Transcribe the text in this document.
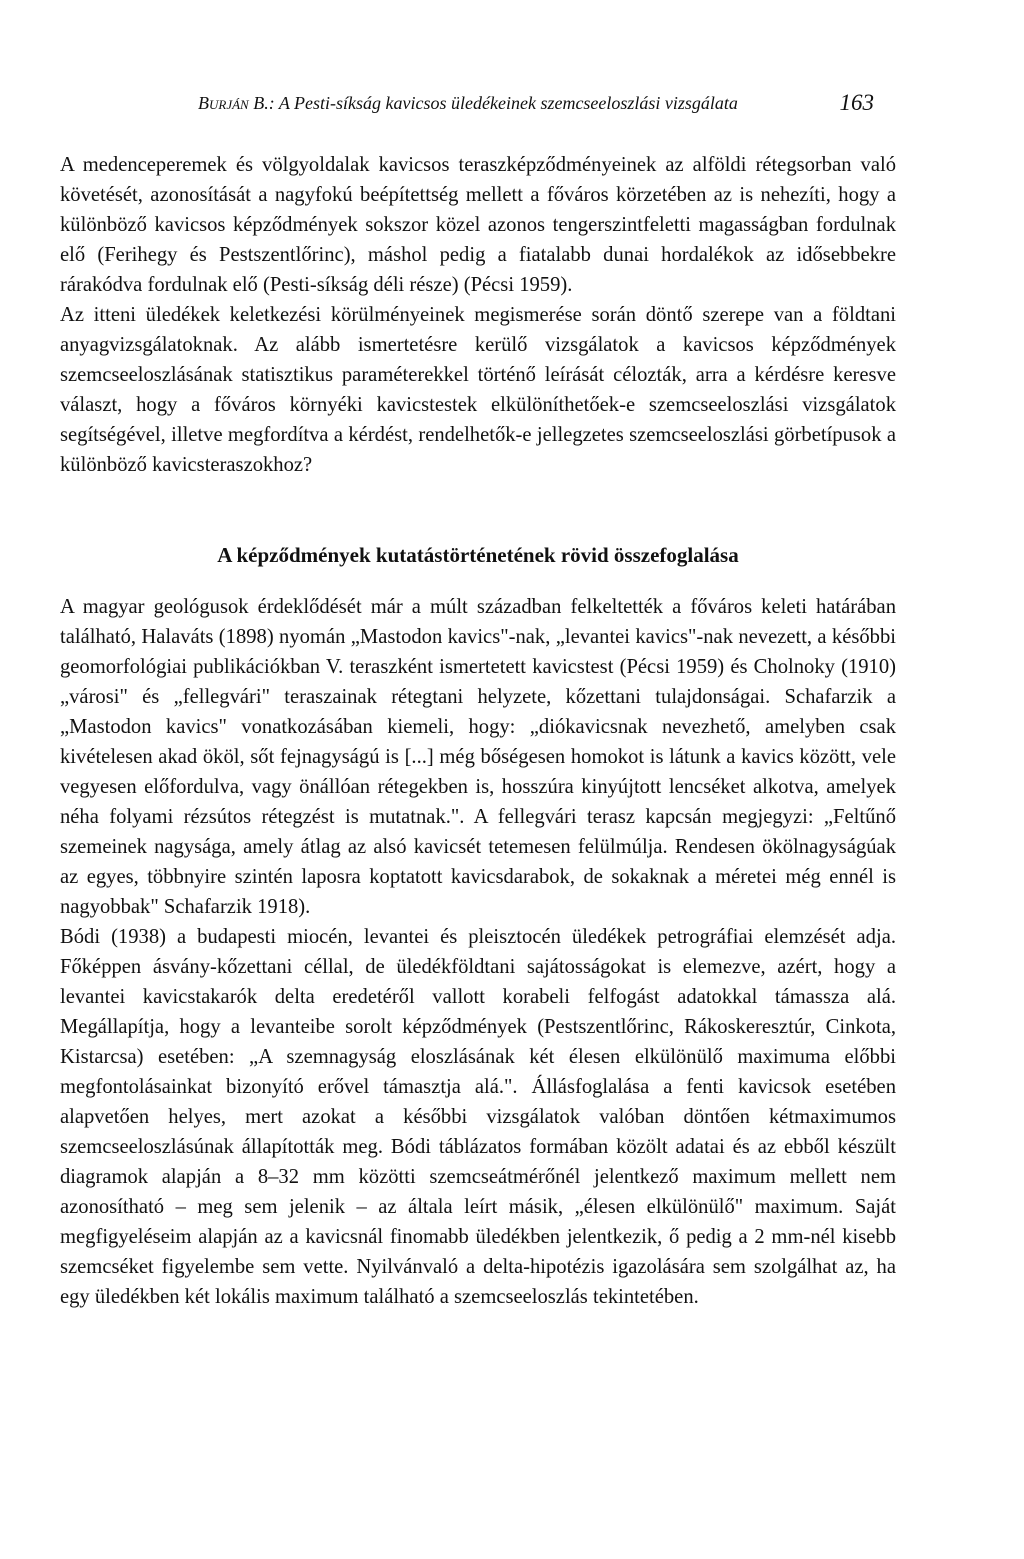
Burján B.: A Pesti-síkság kavicsos üledékeinek szemcseeloszlási vizsgálata	163

A medenceperemek és völgyoldalak kavicsos teraszképződményeinek az alföldi rétegsorban való követését, azonosítását a nagyfokú beépítettség mellett a főváros körzetében az is nehezíti, hogy a különböző kavicsos képződmények sokszor közel azonos tengerszintfeletti magasságban fordulnak elő (Ferihegy és Pestszentlőrinc), máshol pedig a fiatalabb dunai hordalékok az idősebbekre rárakódva fordulnak elő (Pesti-síkság déli része) (Pécsi 1959).

Az itteni üledékek keletkezési körülményeinek megismerése során döntő szerepe van a földtani anyagvizsgálatoknak. Az alább ismertetésre kerülő vizsgálatok a kavicsos képződmények szemcseeloszlásának statisztikus paraméterekkel történő leírását célozták, arra a kérdésre keresve választ, hogy a főváros környéki kavicstestek elkülöníthetőek-e szemcseeloszlási vizsgálatok segítségével, illetve megfordítva a kérdést, rendelhetők-e jellegzetes szemcseeloszlási görbetípusok a különböző kavicsteraszokhoz?

A képződmények kutatástörténetének rövid összefoglalása

A magyar geológusok érdeklődését már a múlt században felkeltették a főváros keleti határában található, Halaváts (1898) nyomán „Mastodon kavics"-nak, „levantei kavics"-nak nevezett, a későbbi geomorfológiai publikációkban V. teraszként ismertetett kavicstest (Pécsi 1959) és Cholnoky (1910) „városi" és „fellegvári" teraszainak rétegtani helyzete, kőzettani tulajdonságai. Schafarzik a „Mastodon kavics" vonatkozásában kiemeli, hogy: „diókavicsnak nevezhető, amelyben csak kivételesen akad ököl, sőt fejnagyságú is [...] még bőségesen homokot is látunk a kavics között, vele vegyesen előfordulva, vagy önállóan rétegekben is, hosszúra kinyújtott lencséket alkotva, amelyek néha folyami rézsútos rétegzést is mutatnak.". A fellegvári terasz kapcsán megjegyzi: „Feltűnő szemeinek nagysága, amely átlag az alsó kavicsét tetemesen felülmúlja. Rendesen ökölnagyságúak az egyes, többnyire szintén laposra koptatott kavicsdarabok, de sokaknak a méretei még ennél is nagyobbak" Schafarzik 1918).

Bódi (1938) a budapesti miocén, levantei és pleisztocén üledékek petrográfiai elemzését adja. Főképpen ásvány-kőzettani céllal, de üledékföldtani sajátosságokat is elemezve, azért, hogy a levantei kavicstakarók delta eredetéről vallott korabeli felfogást adatokkal támassza alá. Megállapítja, hogy a levanteibe sorolt képződmények (Pestszentlőrinc, Rákoskeresztúr, Cinkota, Kistarcsa) esetében: „A szemnagyság eloszlásának két élesen elkülönülő maximuma előbbi megfontolásainkat bizonyító erővel támasztja alá.". Állásfoglalása a fenti kavicsok esetében alapvetően helyes, mert azokat a későbbi vizsgálatok valóban döntően kétmaximumos szemcseeloszlásúnak állapították meg. Bódi táblázatos formában közölt adatai és az ebből készült diagramok alapján a 8–32 mm közötti szemcseátmérőnél jelentkező maximum mellett nem azonosítható – meg sem jelenik – az általa leírt másik, „élesen elkülönülő" maximum. Saját megfigyeléseim alapján az a kavicsnál finomabb üledékben jelentkezik, ő pedig a 2 mm-nél kisebb szemcséket figyelembe sem vette. Nyilvánvaló a delta-hipotézis igazolására sem szolgálhat az, ha egy üledékben két lokális maximum található a szemcseeloszlás tekintetében.
